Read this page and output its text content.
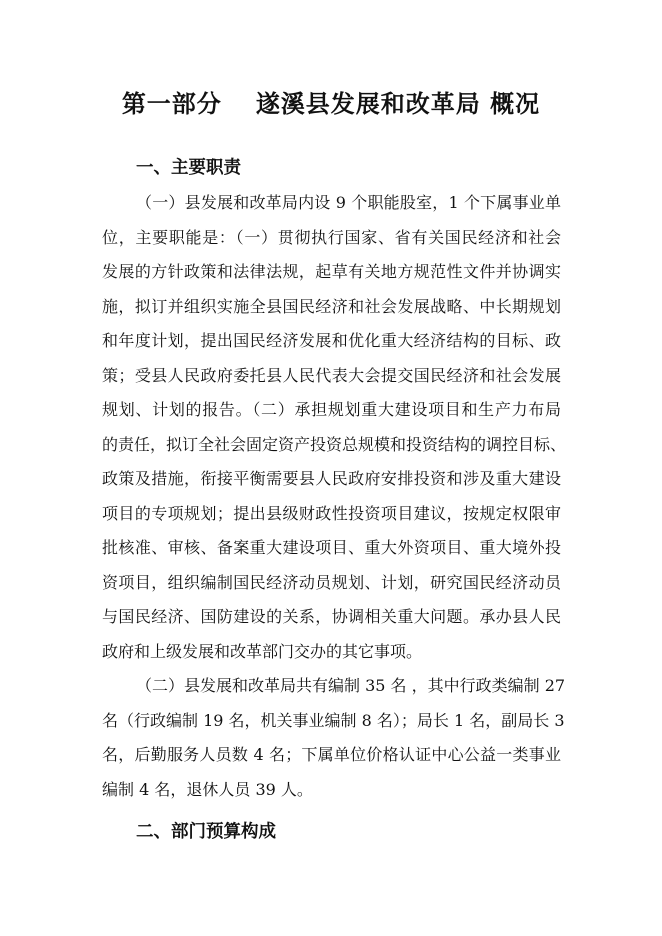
第一部分 遂溪县发展和改革局 概况
一、主要职责
（一）县发展和改革局内设 9 个职能股室，1 个下属事业单
位，主要职能是：（一）贯彻执行国家、省有关国民经济和社会
发展的方针政策和法律法规，起草有关地方规范性文件并协调实
施，拟订并组织实施全县国民经济和社会发展战略、中长期规划
和年度计划，提出国民经济发展和优化重大经济结构的目标、政
策；受县人民政府委托县人民代表大会提交国民经济和社会发展
规划、计划的报告。（二）承担规划重大建设项目和生产力布局
的责任，拟订全社会固定资产投资总规模和投资结构的调控目标、
政策及措施，衔接平衡需要县人民政府安排投资和涉及重大建设
项目的专项规划；提出县级财政性投资项目建议，按规定权限审
批核准、审核、备案重大建设项目、重大外资项目、重大境外投
资项目，组织编制国民经济动员规划、计划，研究国民经济动员
与国民经济、国防建设的关系，协调相关重大问题。承办县人民
政府和上级发展和改革部门交办的其它事项。
（二）县发展和改革局共有编制 35 名 ，其中行政类编制 27
名（行政编制 19 名，机关事业编制 8 名）；局长 1 名，副局长 3
名，后勤服务人员数 4 名；下属单位价格认证中心公益一类事业
编制 4 名，退休人员 39 人。
二、部门预算构成
